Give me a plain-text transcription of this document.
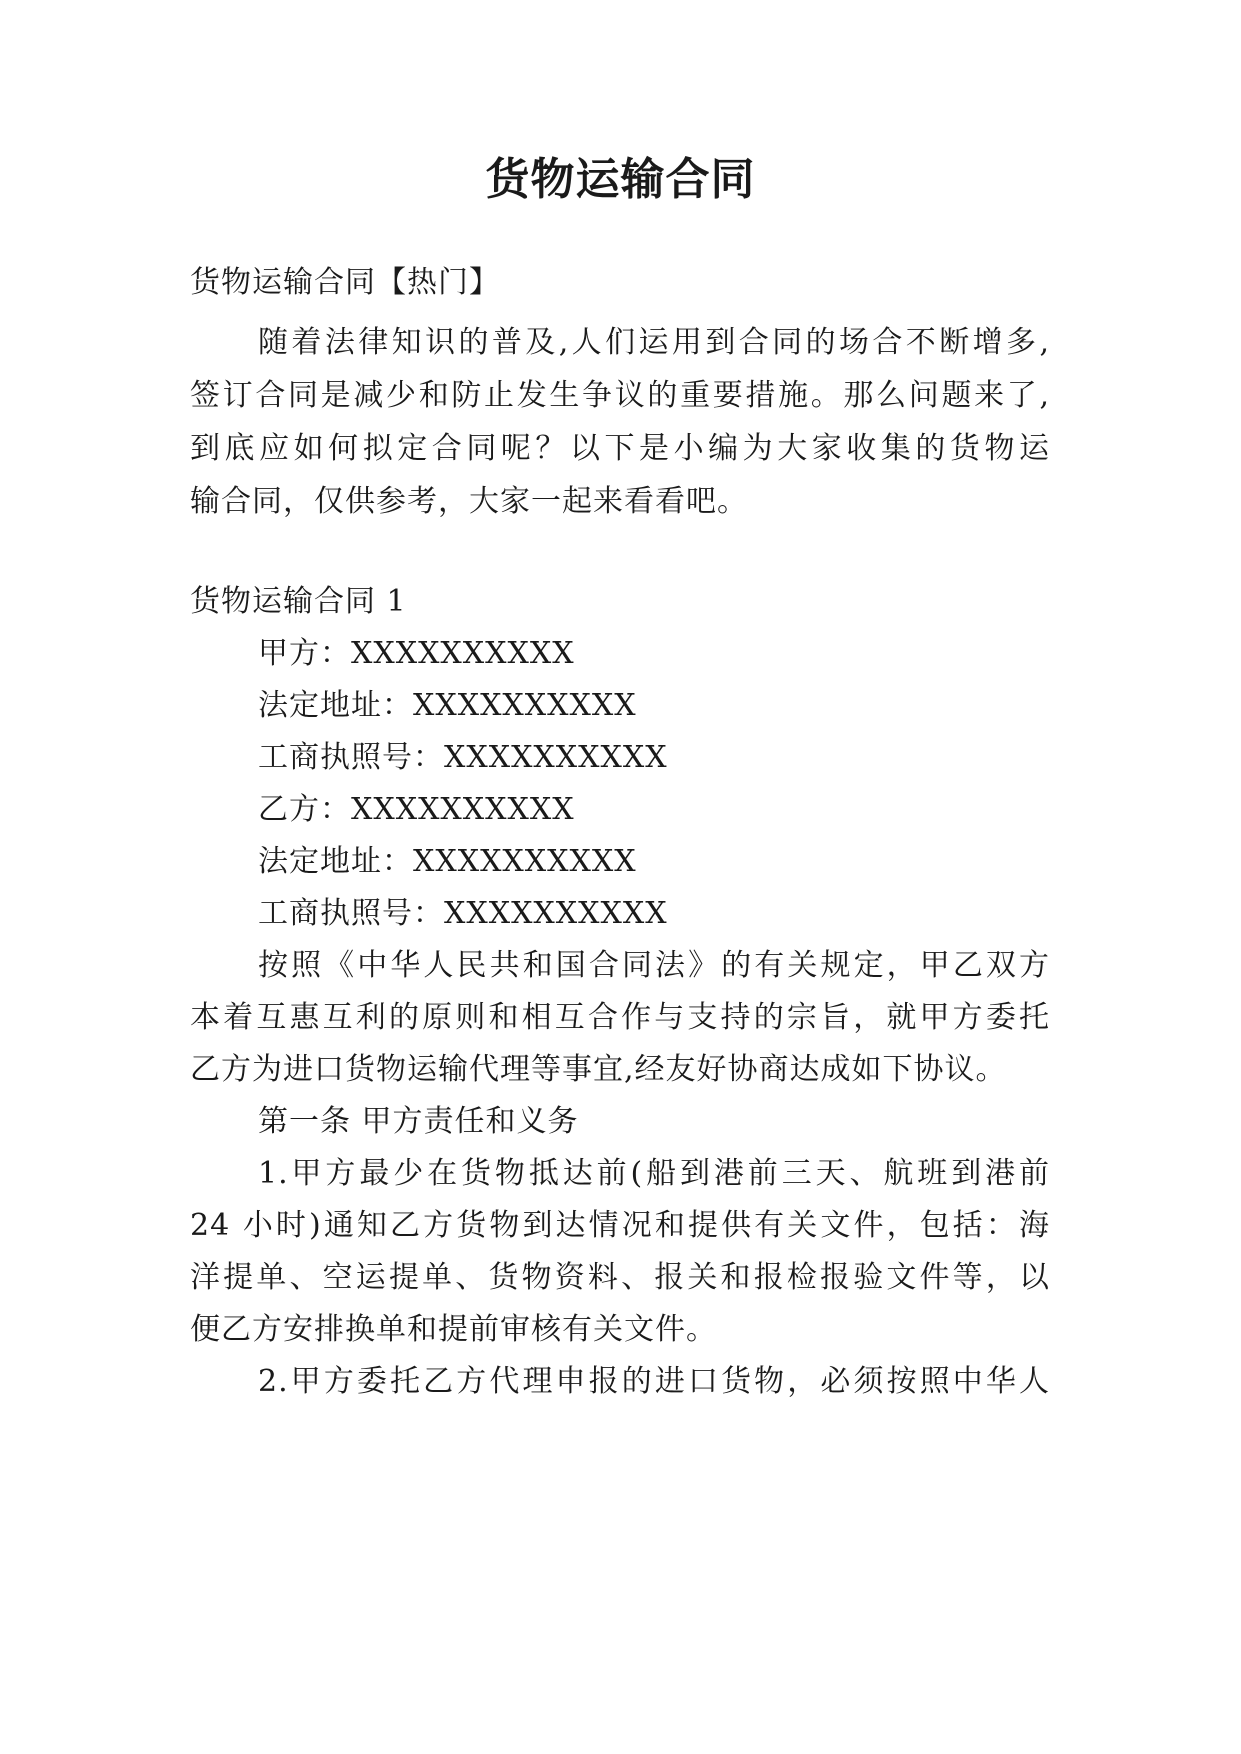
货物运输合同
货物运输合同【热门】
随着法律知识的普及,人们运用到合同的场合不断增多,
签订合同是减少和防止发生争议的重要措施。那么问题来了,
到底应如何拟定合同呢？以下是小编为大家收集的货物运
输合同，仅供参考，大家一起来看看吧。
货物运输合同 1
甲方：XXXXXXXXXX
法定地址：XXXXXXXXXX
工商执照号：XXXXXXXXXX
乙方：XXXXXXXXXX
法定地址：XXXXXXXXXX
工商执照号：XXXXXXXXXX
按照《中华人民共和国合同法》的有关规定，甲乙双方
本着互惠互利的原则和相互合作与支持的宗旨，就甲方委托
乙方为进口货物运输代理等事宜,经友好协商达成如下协议。
第一条 甲方责任和义务
1.甲方最少在货物抵达前(船到港前三天、航班到港前
24 小时)通知乙方货物到达情况和提供有关文件，包括：海
洋提单、空运提单、货物资料、报关和报检报验文件等，以
便乙方安排换单和提前审核有关文件。
2.甲方委托乙方代理申报的进口货物，必须按照中华人
